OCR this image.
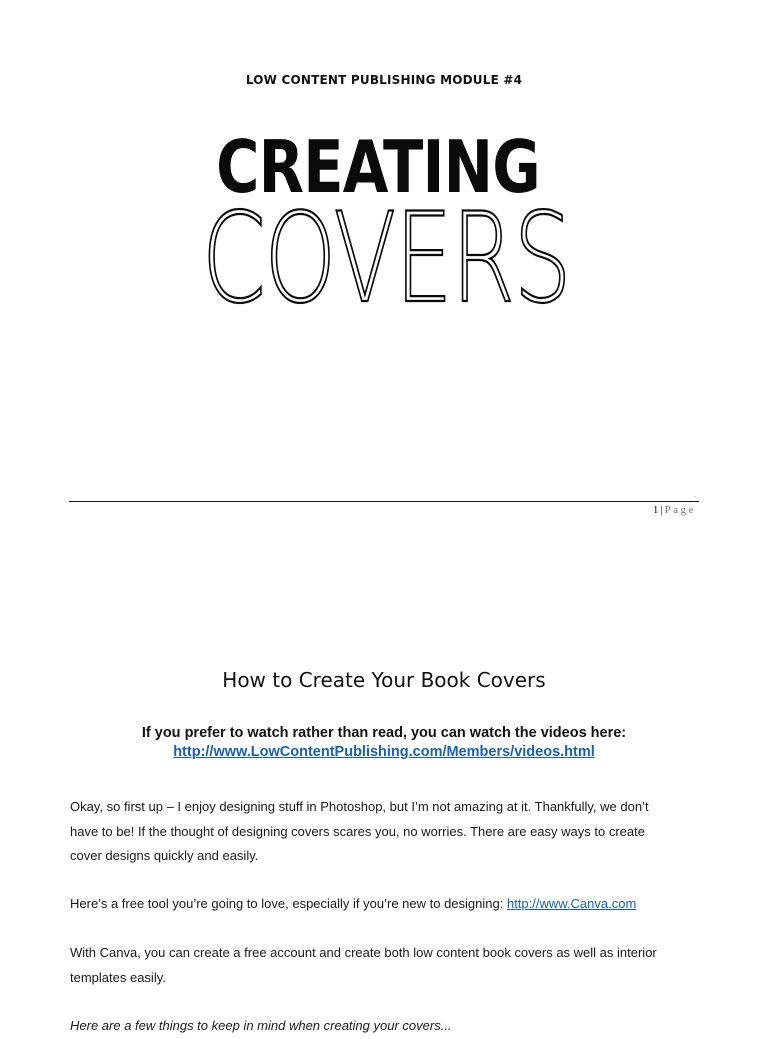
LOW CONTENT PUBLISHING MODULE #4
CREATING
COVERS
.
1 | Page
How to Create Your Book Covers
If you prefer to watch rather than read, you can watch the videos here:
http://www.LowContentPublishing.com/Members/videos.html
Okay, so first up – I enjoy designing stuff in Photoshop, but I’m not amazing at it. Thankfully, we don’t
have to be! If the thought of designing covers scares you, no worries. There are easy ways to create
cover designs quickly and easily.
Here’s a free tool you’re going to love, especially if you’re new to designing: http://www.Canva.com
With Canva, you can create a free account and create both low content book covers as well as interior
templates easily.
Here are a few things to keep in mind when creating your covers...
